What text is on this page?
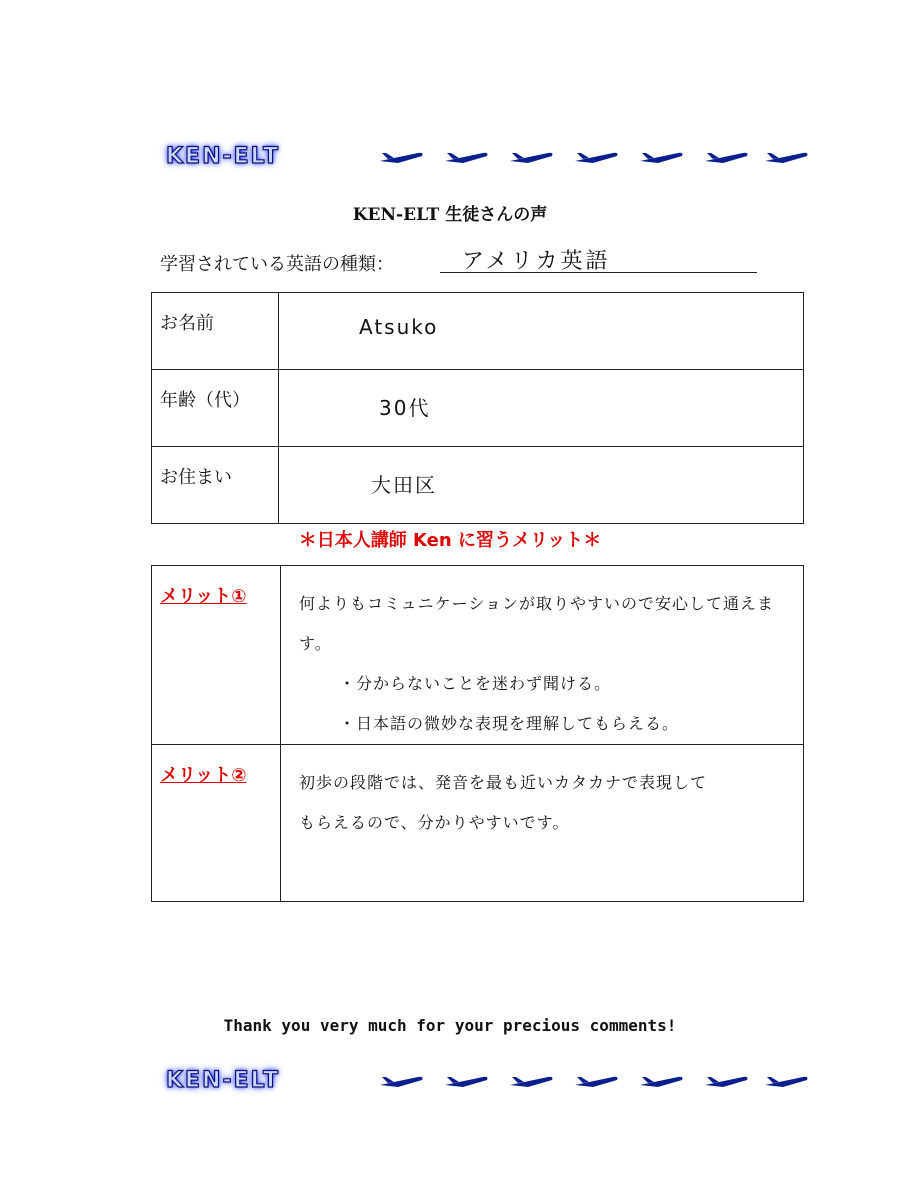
KEN-ELT
KEN-ELT 生徒さんの声
学習されている英語の種類：	アメリカ英語
お名前	Atsuko
年齢（代）	30代
お住まい	大田区
＊日本人講師 Ken に習うメリット＊
メリット①	何よりもコミュニケーションが取りやすいので安心して通えます。
・分からないことを迷わず聞ける。
・日本語の微妙な表現を理解してもらえる。

メリット②	初歩の段階では、発音を最も近いカタカナで表現して
もらえるので、分かりやすいです。
Thank you very much for your precious comments!
KEN-ELT
